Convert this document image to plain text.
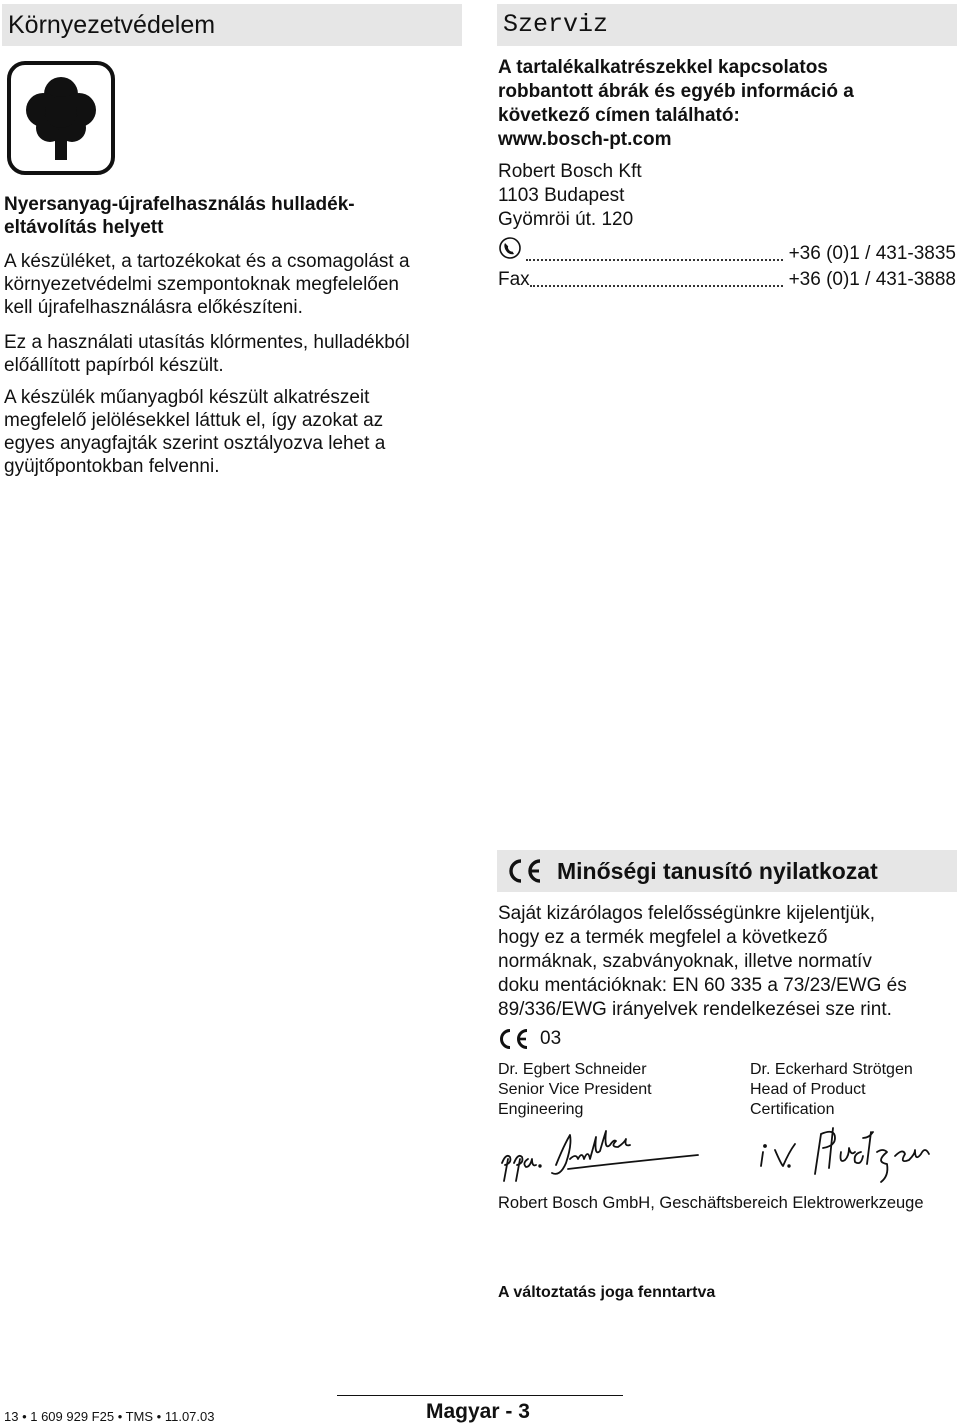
Környezetvédelem
Nyersanyag-újrafelhasználás hulladék-
eltávolítás helyett
A készüléket, a tartozékokat és a csomagolást a
környezetvédelmi szempontoknak megfelelően
kell újrafelhasználásra előkészíteni.
Ez a használati utasítás klórmentes, hulladékból
előállított papírból készült.
A készülék műanyagból készült alkatrészeit
megfelelő jelölésekkel láttuk el, így azokat az
egyes anyagfajták szerint osztályozva lehet a
gyüjtőpontokban felvenni.
Szerviz
A tartalékalkatrészekkel kapcsolatos
robbantott ábrák és egyéb információ a
következő címen található:
www.bosch-pt.com
Robert Bosch Kft
1103 Budapest
Gyömröi út. 120
+36 (0)1 / 431-3835
Fax	+36 (0)1 / 431-3888
Minőségi tanusító nyilatkozat
Saját kizárólagos felelősségünkre kijelentjük,
hogy ez a termék megfelel a következő
normáknak, szabványoknak, illetve normatív
doku mentációknak: EN 60 335 a 73/23/EWG és
89/336/EWG irányelvek rendelkezései sze rint.
03
Dr. Egbert Schneider
Senior Vice President
Engineering
Dr. Eckerhard Strötgen
Head of Product
Certification
Robert Bosch GmbH, Geschäftsbereich Elektrowerkzeuge
A változtatás joga fenntartva
13 • 1 609 929 F25 • TMS • 11.07.03	Magyar - 3
